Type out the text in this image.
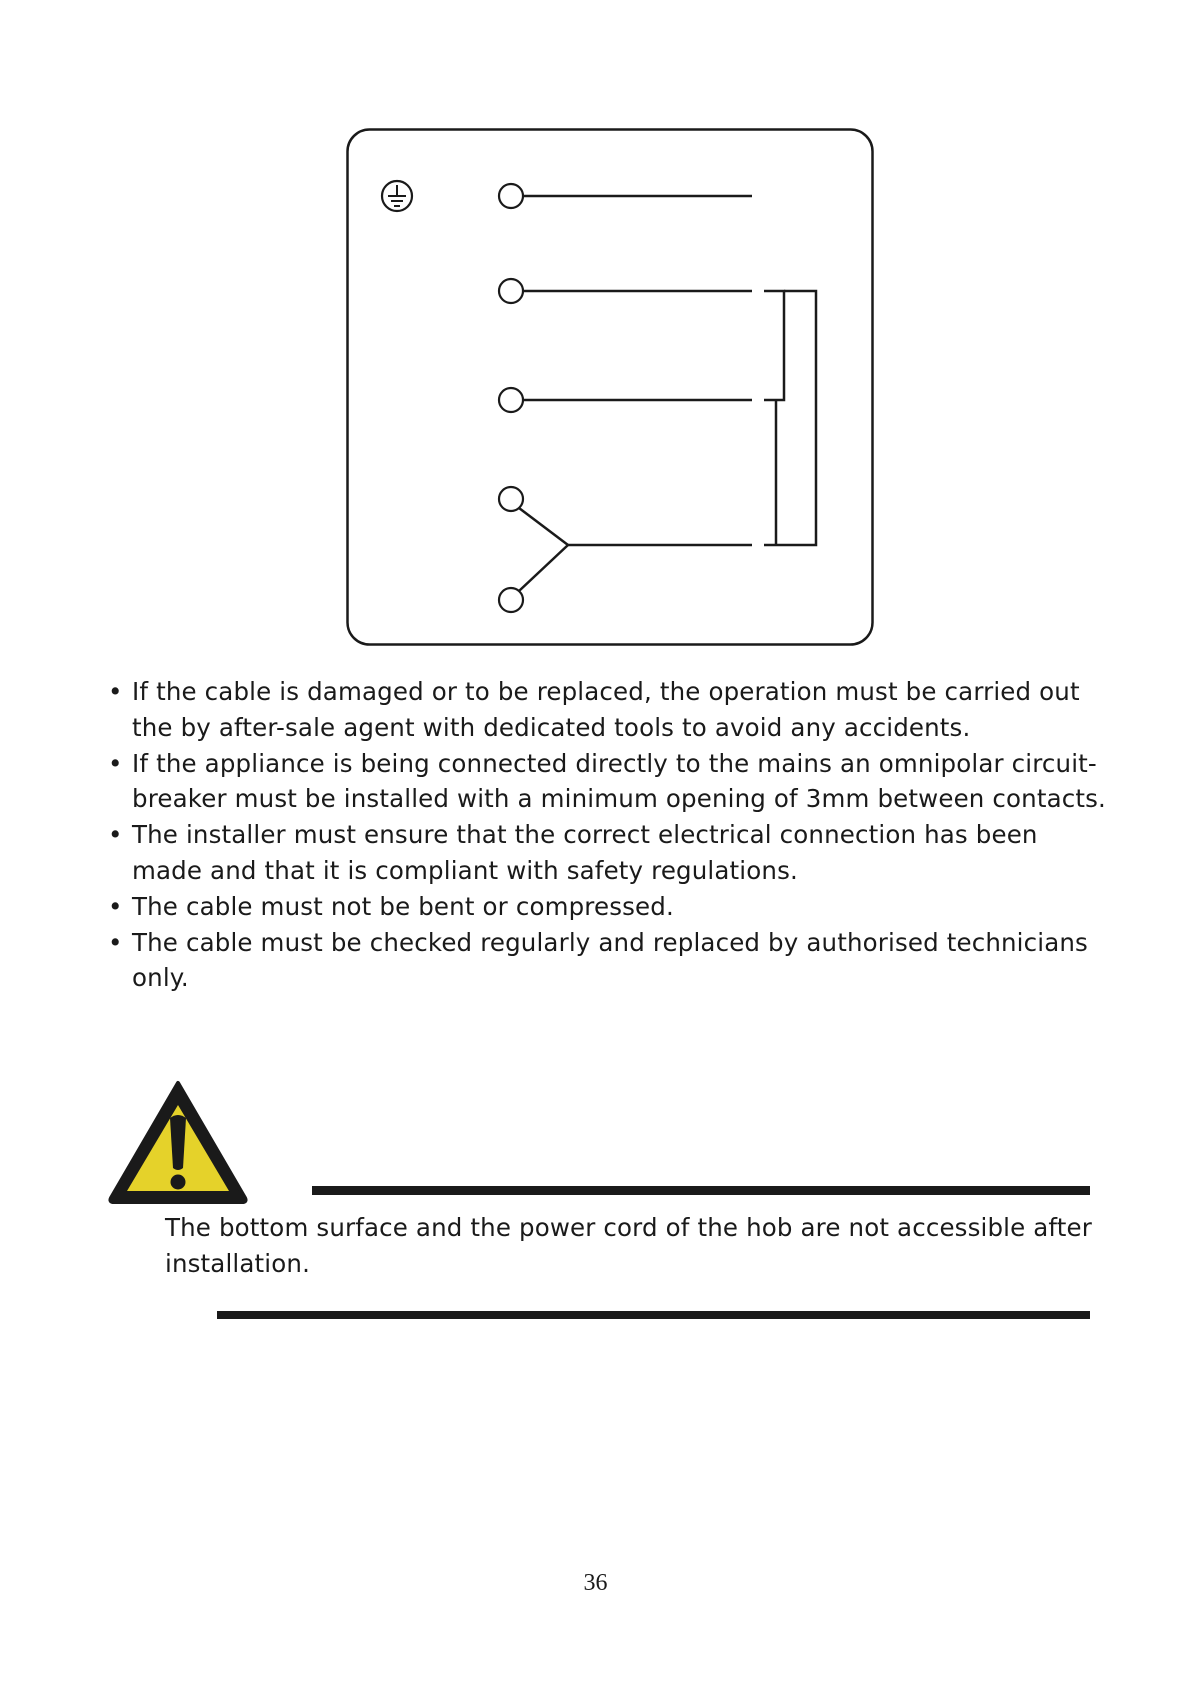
• If the cable is damaged or to be replaced, the operation must be carried out the by after-sale agent with dedicated tools to avoid any accidents.
• If the appliance is being connected directly to the mains an omnipolar circuit-breaker must be installed with a minimum opening of 3mm between contacts.
• The installer must ensure that the correct electrical connection has been made and that it is compliant with safety regulations.
• The cable must not be bent or compressed.
• The cable must be checked regularly and replaced by authorised technicians only.

The bottom surface and the power cord of the hob are not accessible after installation.

36
